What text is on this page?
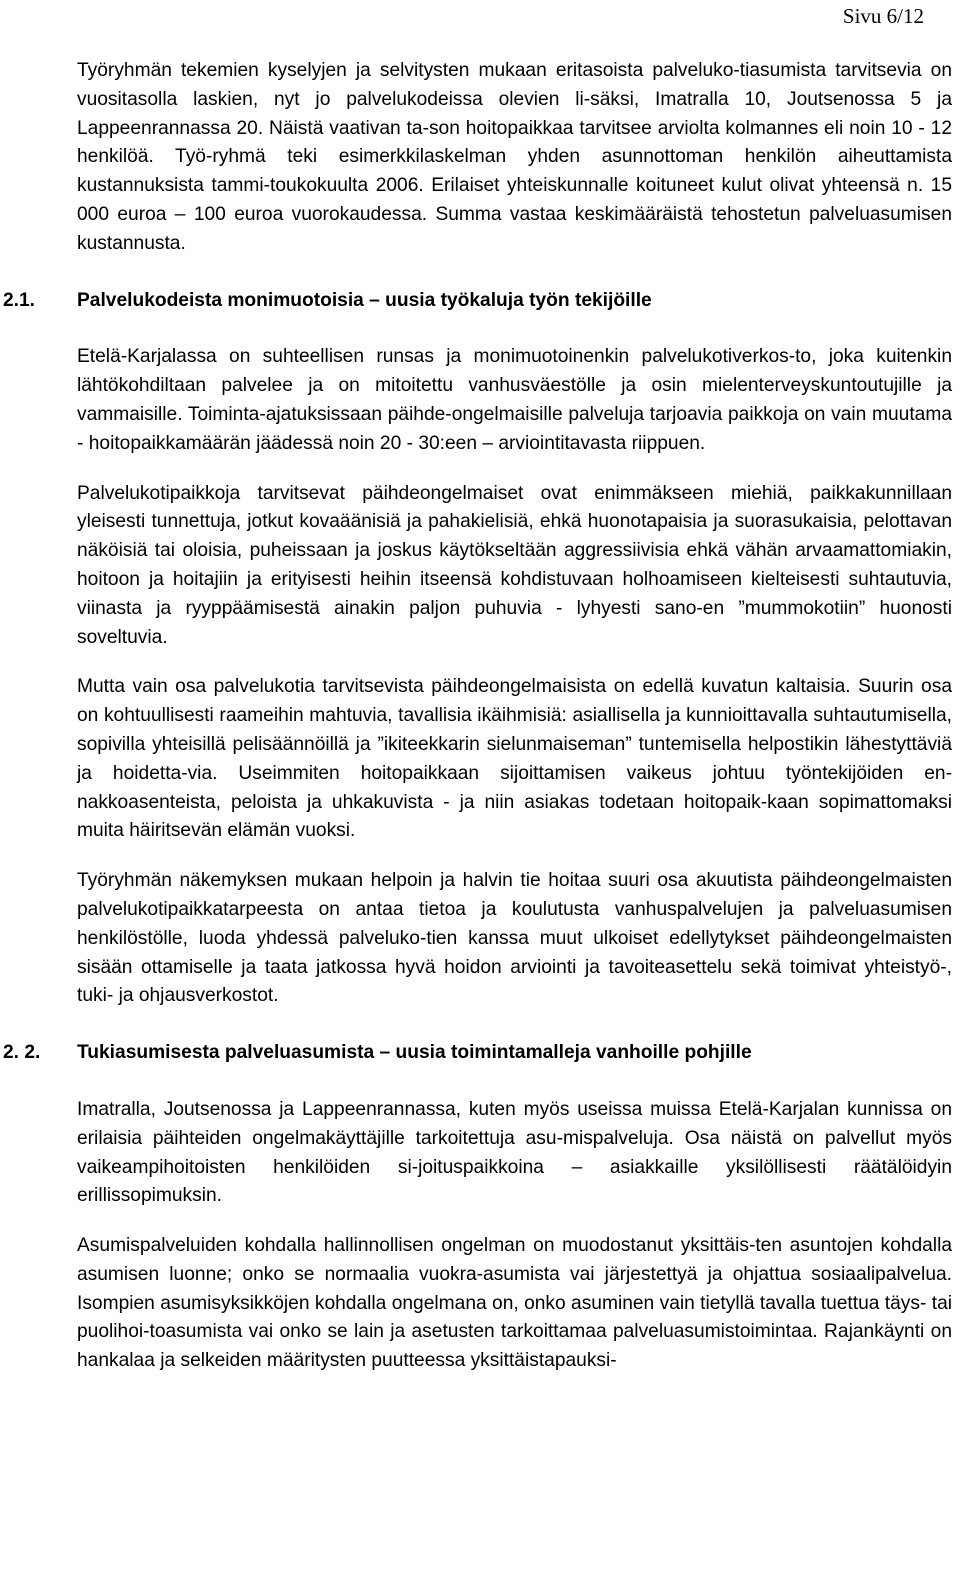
Sivu 6/12

Työryhmän tekemien kyselyjen ja selvitysten mukaan eritasoista palveluko-tiasumista tarvitsevia on vuositasolla laskien, nyt jo palvelukodeissa olevien li-säksi, Imatralla 10, Joutsenossa 5 ja Lappeenrannassa 20. Näistä vaativan ta-son hoitopaikkaa tarvitsee arviolta kolmannes eli noin 10 - 12 henkilöä. Työ-ryhmä teki esimerkkilaskelman yhden asunnottoman henkilön aiheuttamista kustannuksista tammi-toukokuulta 2006. Erilaiset yhteiskunnalle koituneet kulut olivat yhteensä n. 15 000 euroa – 100 euroa vuorokaudessa. Summa vastaa keskimääräistä tehostetun palveluasumisen kustannusta.

2.1. Palvelukodeista monimuotoisia – uusia työkaluja työn tekijöille

Etelä-Karjalassa on suhteellisen runsas ja monimuotoinenkin palvelukotiverkos-to, joka kuitenkin lähtökohdiltaan palvelee ja on mitoitettu vanhusväestölle ja osin mielenterveyskuntoutujille ja vammaisille. Toiminta-ajatuksissaan päihde-ongelmaisille palveluja tarjoavia paikkoja on vain muutama - hoitopaikkamäärän jäädessä noin 20 - 30:een – arviointitavasta riippuen.

Palvelukotipaikkoja tarvitsevat päihdeongelmaiset ovat enimmäkseen miehiä, paikkakunnillaan yleisesti tunnettuja, jotkut kovaäänisiä ja pahakielisiä, ehkä huonotapaisia ja suorasukaisia, pelottavan näköisiä tai oloisia, puheissaan ja joskus käytökseltään aggressiivisia ehkä vähän arvaamattomiakin, hoitoon ja hoitajiin ja erityisesti heihin itseensä kohdistuvaan holhoamiseen kielteisesti suhtautuvia, viinasta ja ryyppäämisestä ainakin paljon puhuvia - lyhyesti sano-en ”mummokotiin” huonosti soveltuvia.

Mutta vain osa palvelukotia tarvitsevista päihdeongelmaisista on edellä kuvatun kaltaisia. Suurin osa on kohtuullisesti raameihin mahtuvia, tavallisia ikäihmisiä: asiallisella ja kunnioittavalla suhtautumisella, sopivilla yhteisillä pelisäännöillä ja ”ikiteekkarin sielunmaiseman” tuntemisella helpostikin lähestyttäviä ja hoidetta-via. Useimmiten hoitopaikkaan sijoittamisen vaikeus johtuu työntekijöiden en-nakkoasenteista, peloista ja uhkakuvista - ja niin asiakas todetaan hoitopaik-kaan sopimattomaksi muita häiritsevän elämän vuoksi.

Työryhmän näkemyksen mukaan helpoin ja halvin tie hoitaa suuri osa akuutista päihdeongelmaisten palvelukotipaikkatarpeesta on antaa tietoa ja koulutusta vanhuspalvelujen ja palveluasumisen henkilöstölle, luoda yhdessä palveluko-tien kanssa muut ulkoiset edellytykset päihdeongelmaisten sisään ottamiselle ja taata jatkossa hyvä hoidon arviointi ja tavoiteasettelu sekä toimivat yhteistyö-, tuki- ja ohjausverkostot.

2. 2. Tukiasumisesta palveluasumista – uusia toimintamalleja vanhoille pohjille

Imatralla, Joutsenossa ja Lappeenrannassa, kuten myös useissa muissa Etelä-Karjalan kunnissa on erilaisia päihteiden ongelmakäyttäjille tarkoitettuja asu-mispalveluja. Osa näistä on palvellut myös vaikeampihoitoisten henkilöiden si-joituspaikkoina – asiakkaille yksilöllisesti räätälöidyin erillissopimuksin.

Asumispalveluiden kohdalla hallinnollisen ongelman on muodostanut yksittäis-ten asuntojen kohdalla asumisen luonne; onko se normaalia vuokra-asumista vai järjestettyä ja ohjattua sosiaalipalvelua. Isompien asumisyksikköjen kohdalla ongelmana on, onko asuminen vain tietyllä tavalla tuettua täys- tai puolihoi-toasumista vai onko se lain ja asetusten tarkoittamaa palveluasumistoimintaa. Rajankäynti on hankalaa ja selkeiden määritysten puutteessa yksittäistapauksi-
